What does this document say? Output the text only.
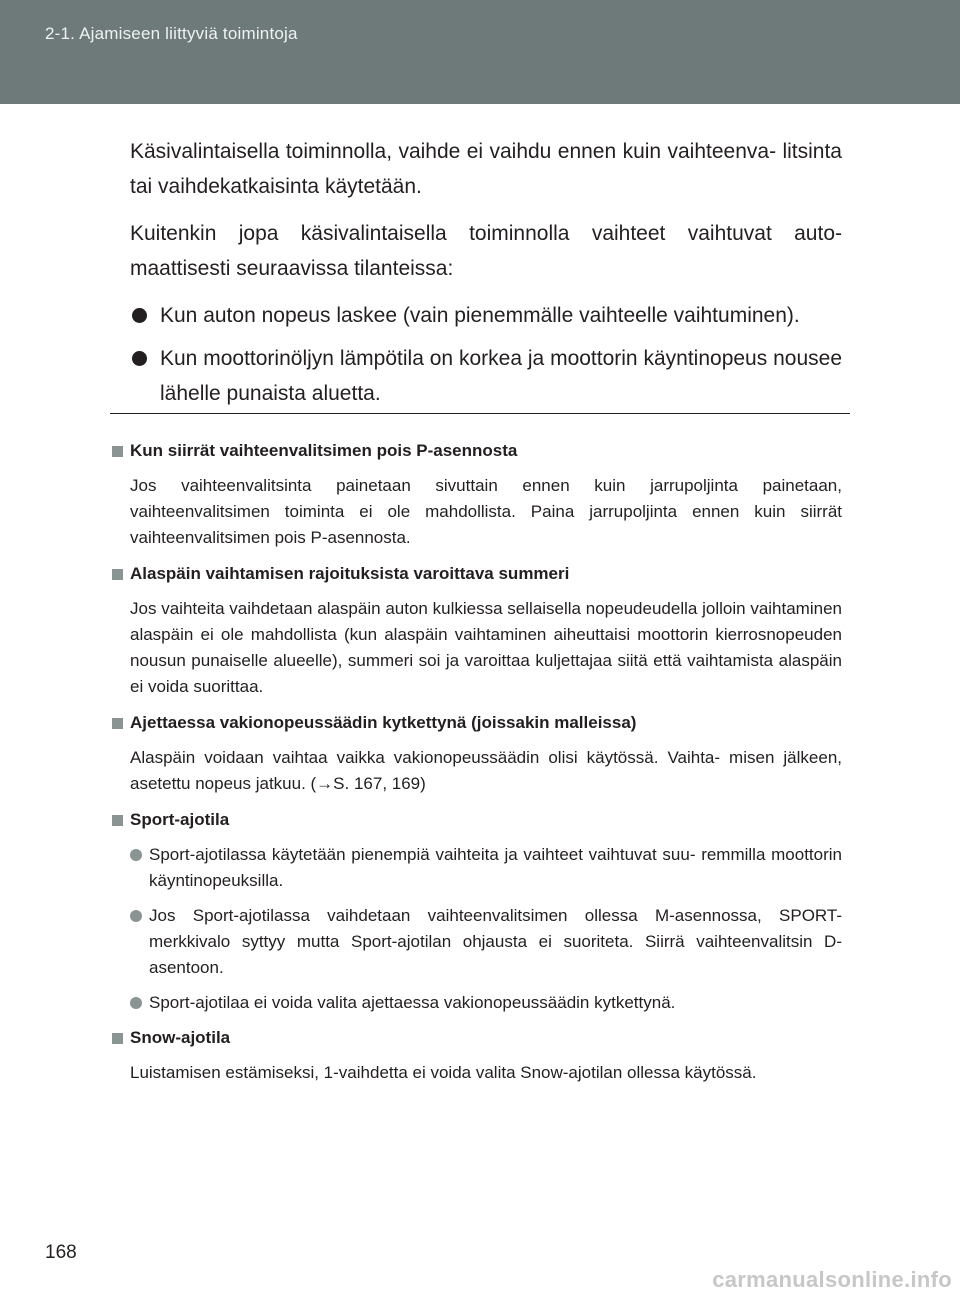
2-1. Ajamiseen liittyviä toimintoja

Käsivalintaisella toiminnolla, vaihde ei vaihdu ennen kuin vaihteenva- litsinta tai vaihdekatkaisinta käytetään.

Kuitenkin jopa käsivalintaisella toiminnolla vaihteet vaihtuvat auto- maattisesti seuraavissa tilanteissa:

Kun auton nopeus laskee (vain pienemmälle vaihteelle vaihtuminen).
Kun moottorinöljyn lämpötila on korkea ja moottorin käyntinopeus nousee lähelle punaista aluetta.
Kun siirrät vaihteenvalitsimen pois P-asennosta
Jos vaihteenvalitsinta painetaan sivuttain ennen kuin jarrupoljinta painetaan, vaihteenvalitsimen toiminta ei ole mahdollista. Paina jarrupoljinta ennen kuin siirrät vaihteenvalitsimen pois P-asennosta.
Alaspäin vaihtamisen rajoituksista varoittava summeri
Jos vaihteita vaihdetaan alaspäin auton kulkiessa sellaisella nopeudeudella jolloin vaihtaminen alaspäin ei ole mahdollista (kun alaspäin vaihtaminen aiheuttaisi moottorin kierrosnopeuden nousun punaiselle alueelle), summeri soi ja varoittaa kuljettajaa siitä että vaihtamista alaspäin ei voida suorittaa.
Ajettaessa vakionopeussäädin kytkettynä (joissakin malleissa)
Alaspäin voidaan vaihtaa vaikka vakionopeussäädin olisi käytössä. Vaihta- misen jälkeen, asetettu nopeus jatkuu. (→S. 167, 169)
Sport-ajotila
Sport-ajotilassa käytetään pienempiä vaihteita ja vaihteet vaihtuvat suu- remmilla moottorin käyntinopeuksilla.
Jos Sport-ajotilassa vaihdetaan vaihteenvalitsimen ollessa M-asennossa, SPORT-merkkivalo syttyy mutta Sport-ajotilan ohjausta ei suoriteta. Siirrä vaihteenvalitsin D-asentoon.
Sport-ajotilaa ei voida valita ajettaessa vakionopeussäädin kytkettynä.
Snow-ajotila
Luistamisen estämiseksi, 1-vaihdetta ei voida valita Snow-ajotilan ollessa käytössä.
168
carmanualsonline.info
